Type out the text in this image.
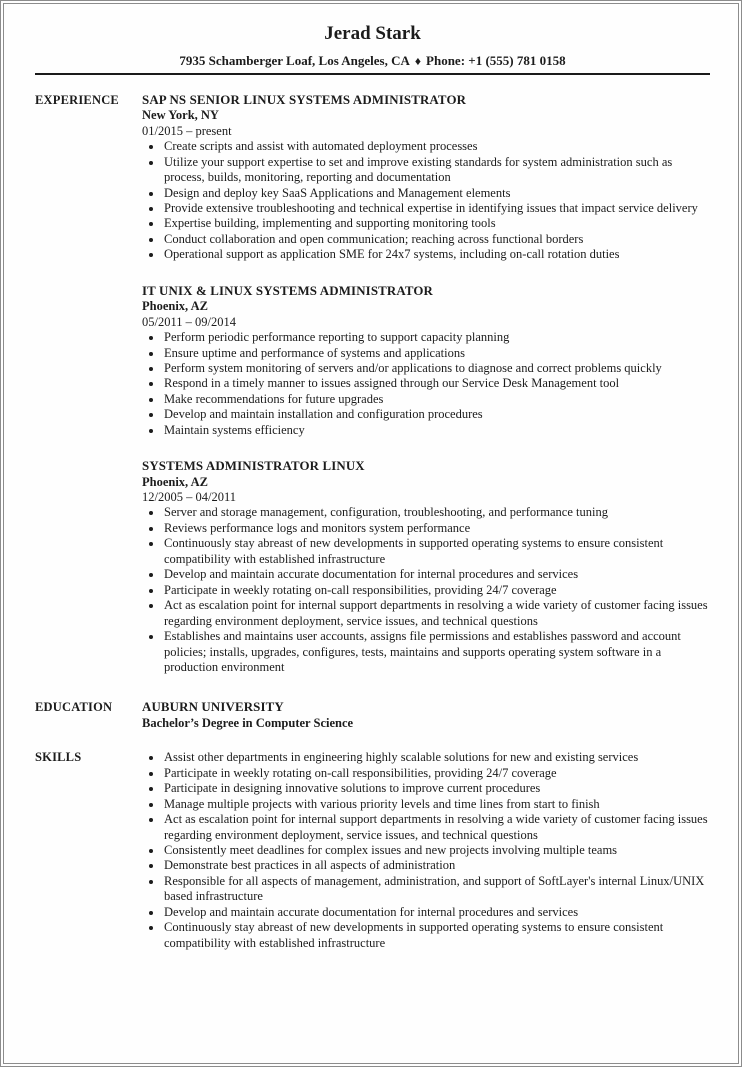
Jerad Stark
7935 Schamberger Loaf, Los Angeles, CA ♦ Phone: +1 (555) 781 0158
EXPERIENCE	SAP NS SENIOR LINUX SYSTEMS ADMINISTRATOR
New York, NY
01/2015 – present
• Create scripts and assist with automated deployment processes
• Utilize your support expertise to set and improve existing standards for system administration such as process, builds, monitoring, reporting and documentation
• Design and deploy key SaaS Applications and Management elements
• Provide extensive troubleshooting and technical expertise in identifying issues that impact service delivery
• Expertise building, implementing and supporting monitoring tools
• Conduct collaboration and open communication; reaching across functional borders
• Operational support as application SME for 24x7 systems, including on-call rotation duties
IT UNIX & LINUX SYSTEMS ADMINISTRATOR
Phoenix, AZ
05/2011 – 09/2014
• Perform periodic performance reporting to support capacity planning
• Ensure uptime and performance of systems and applications
• Perform system monitoring of servers and/or applications to diagnose and correct problems quickly
• Respond in a timely manner to issues assigned through our Service Desk Management tool
• Make recommendations for future upgrades
• Develop and maintain installation and configuration procedures
• Maintain systems efficiency
SYSTEMS ADMINISTRATOR LINUX
Phoenix, AZ
12/2005 – 04/2011
• Server and storage management, configuration, troubleshooting, and performance tuning
• Reviews performance logs and monitors system performance
• Continuously stay abreast of new developments in supported operating systems to ensure consistent compatibility with established infrastructure
• Develop and maintain accurate documentation for internal procedures and services
• Participate in weekly rotating on-call responsibilities, providing 24/7 coverage
• Act as escalation point for internal support departments in resolving a wide variety of customer facing issues regarding environment deployment, service issues, and technical questions
• Establishes and maintains user accounts, assigns file permissions and establishes password and account policies; installs, upgrades, configures, tests, maintains and supports operating system software in a production environment
EDUCATION	AUBURN UNIVERSITY
Bachelor’s Degree in Computer Science
SKILLS	• Assist other departments in engineering highly scalable solutions for new and existing services
• Participate in weekly rotating on-call responsibilities, providing 24/7 coverage
• Participate in designing innovative solutions to improve current procedures
• Manage multiple projects with various priority levels and time lines from start to finish
• Act as escalation point for internal support departments in resolving a wide variety of customer facing issues regarding environment deployment, service issues, and technical questions
• Consistently meet deadlines for complex issues and new projects involving multiple teams
• Demonstrate best practices in all aspects of administration
• Responsible for all aspects of management, administration, and support of SoftLayer's internal Linux/UNIX based infrastructure
• Develop and maintain accurate documentation for internal procedures and services
• Continuously stay abreast of new developments in supported operating systems to ensure consistent compatibility with established infrastructure
